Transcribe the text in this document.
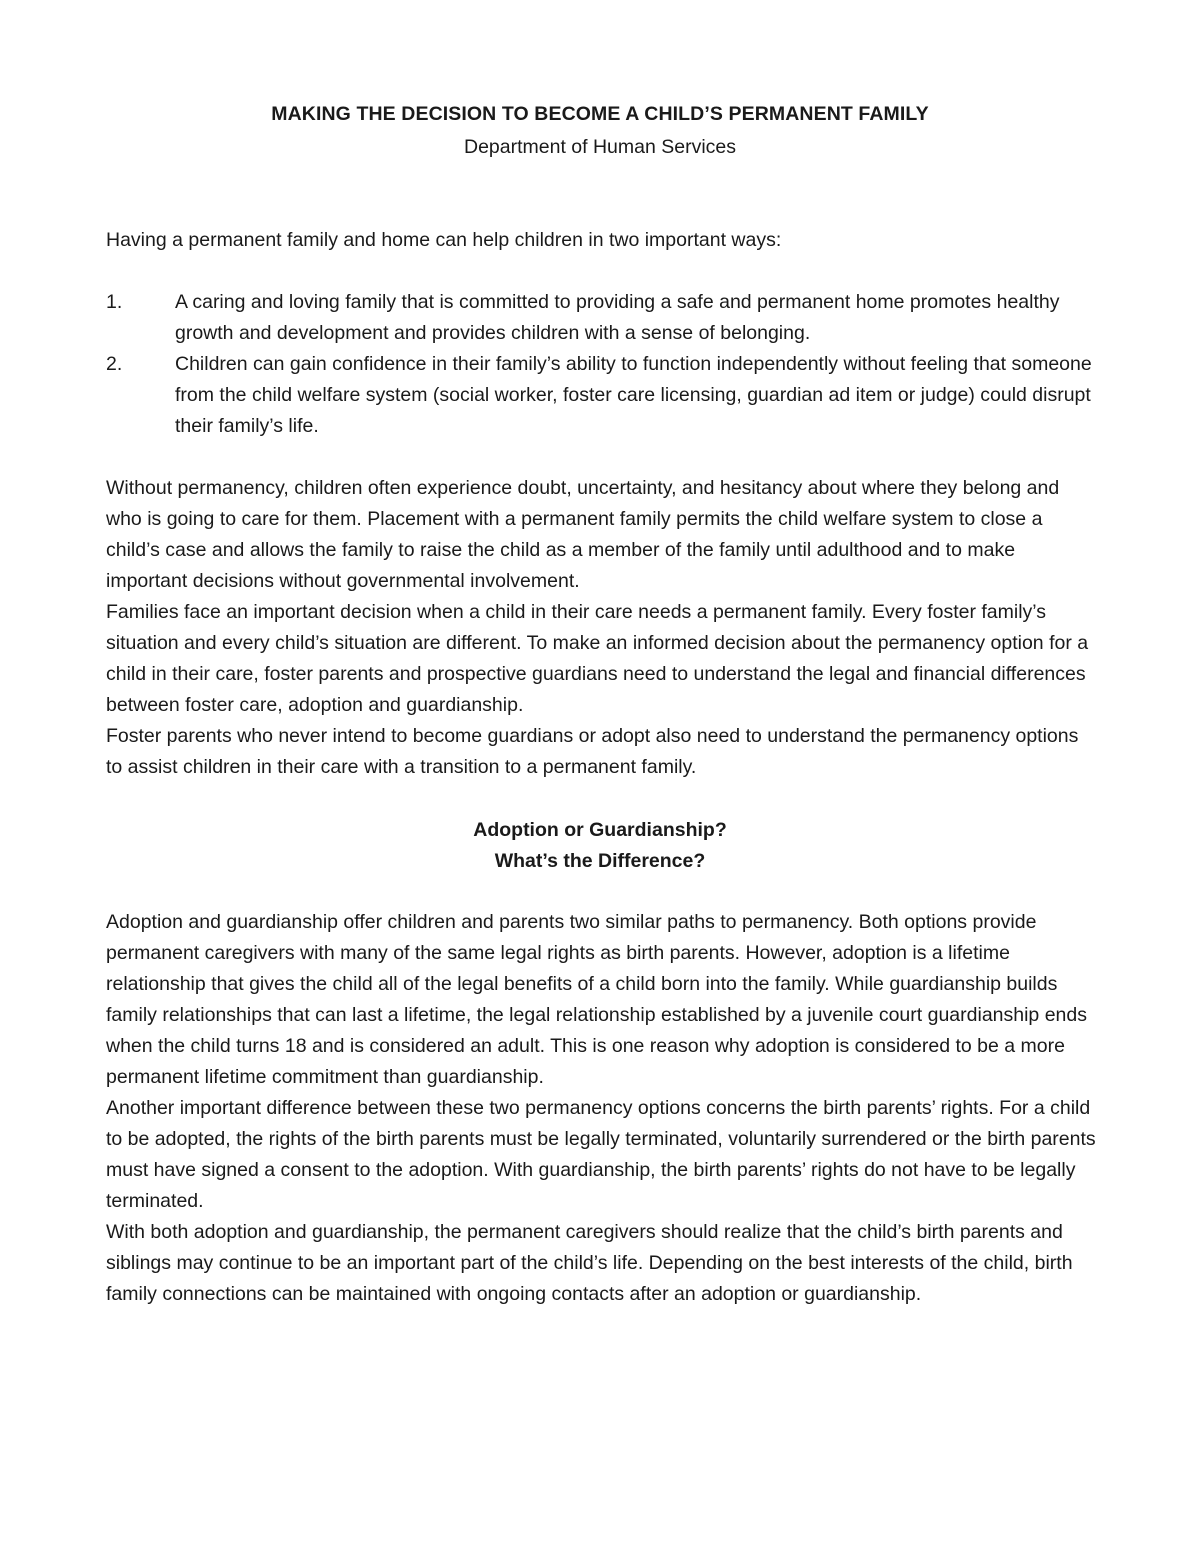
MAKING THE DECISION TO BECOME A CHILD’S PERMANENT FAMILY
Department of Human Services

Having a permanent family and home can help children in two important ways:

1.	A caring and loving family that is committed to providing a safe and permanent home promotes healthy growth and development and provides children with a sense of belonging.
2.	Children can gain confidence in their family’s ability to function independently without feeling that someone from the child welfare system (social worker, foster care licensing, guardian ad item or judge) could disrupt their family’s life.

Without permanency, children often experience doubt, uncertainty, and hesitancy about where they belong and who is going to care for them. Placement with a permanent family permits the child welfare system to close a child’s case and allows the family to raise the child as a member of the family until adulthood and to make important decisions without governmental involvement.

Families face an important decision when a child in their care needs a permanent family. Every foster family’s situation and every child’s situation are different. To make an informed decision about the permanency option for a child in their care, foster parents and prospective guardians need to understand the legal and financial differences between foster care, adoption and guardianship.

Foster parents who never intend to become guardians or adopt also need to understand the permanency options to assist children in their care with a transition to a permanent family.

Adoption or Guardianship?
What’s the Difference?

Adoption and guardianship offer children and parents two similar paths to permanency. Both options provide permanent caregivers with many of the same legal rights as birth parents. However, adoption is a lifetime relationship that gives the child all of the legal benefits of a child born into the family. While guardianship builds family relationships that can last a lifetime, the legal relationship established by a juvenile court guardianship ends when the child turns 18 and is considered an adult. This is one reason why adoption is considered to be a more permanent lifetime commitment than guardianship.

Another important difference between these two permanency options concerns the birth parents’ rights. For a child to be adopted, the rights of the birth parents must be legally terminated, voluntarily surrendered or the birth parents must have signed a consent to the adoption. With guardianship, the birth parents’ rights do not have to be legally terminated.

With both adoption and guardianship, the permanent caregivers should realize that the child’s birth parents and siblings may continue to be an important part of the child’s life. Depending on the best interests of the child, birth family connections can be maintained with ongoing contacts after an adoption or guardianship.
